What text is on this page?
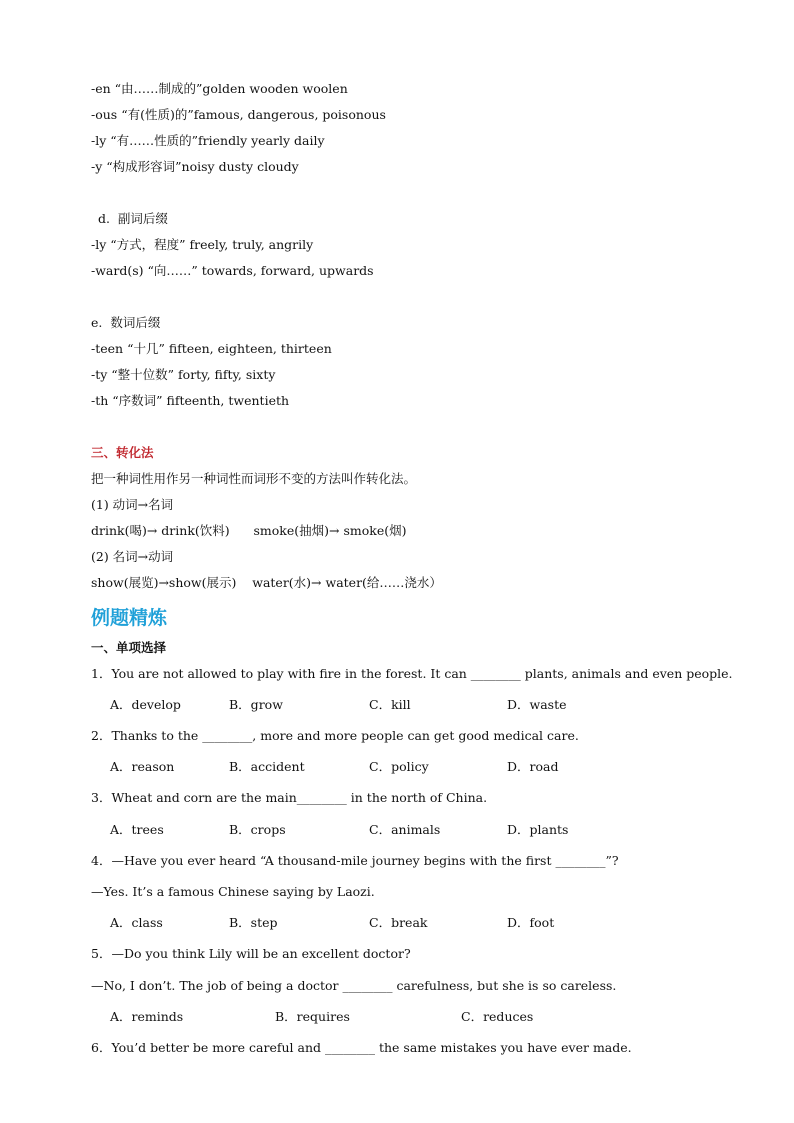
-en “由……制成的”golden wooden woolen
-ous “有(性质)的”famous, dangerous, poisonous
-ly “有……性质的”friendly yearly daily
-y “构成形容词”noisy dusty cloudy
d.  副词后缀
-ly “方式，程度” freely, truly, angrily
-ward(s) “向……” towards, forward, upwards
e.  数词后缀
-teen “十几” fifteen, eighteen, thirteen
-ty “整十位数” forty, fifty, sixty
-th “序数词” fifteenth, twentieth
三、转化法
把一种词性用作另一种词性而词形不变的方法叫作转化法。
(1) 动词→名词
drink(喝)→ drink(饮料)      smoke(抽烟)→ smoke(烟)
(2) 名词→动词
show(展览)→show(展示)    water(水)→ water(给……浇水）
例题精炼
一、单项选择
1．You are not allowed to play with fire in the forest. It can ________ plants, animals and even people.
A．develop	B．grow	C．kill	D．waste
2．Thanks to the ________, more and more people can get good medical care.
A．reason	B．accident	C．policy	D．road
3．Wheat and corn are the main________ in the north of China.
A．trees	B．crops	C．animals	D．plants
4．—Have you ever heard “A thousand-mile journey begins with the first ________”?
—Yes. It’s a famous Chinese saying by Laozi.
A．class	B．step	C．break	D．foot
5．—Do you think Lily will be an excellent doctor?
—No, I don’t. The job of being a doctor ________ carefulness, but she is so careless.
A．reminds	B．requires	C．reduces
6．You’d better be more careful and ________ the same mistakes you have ever made.
